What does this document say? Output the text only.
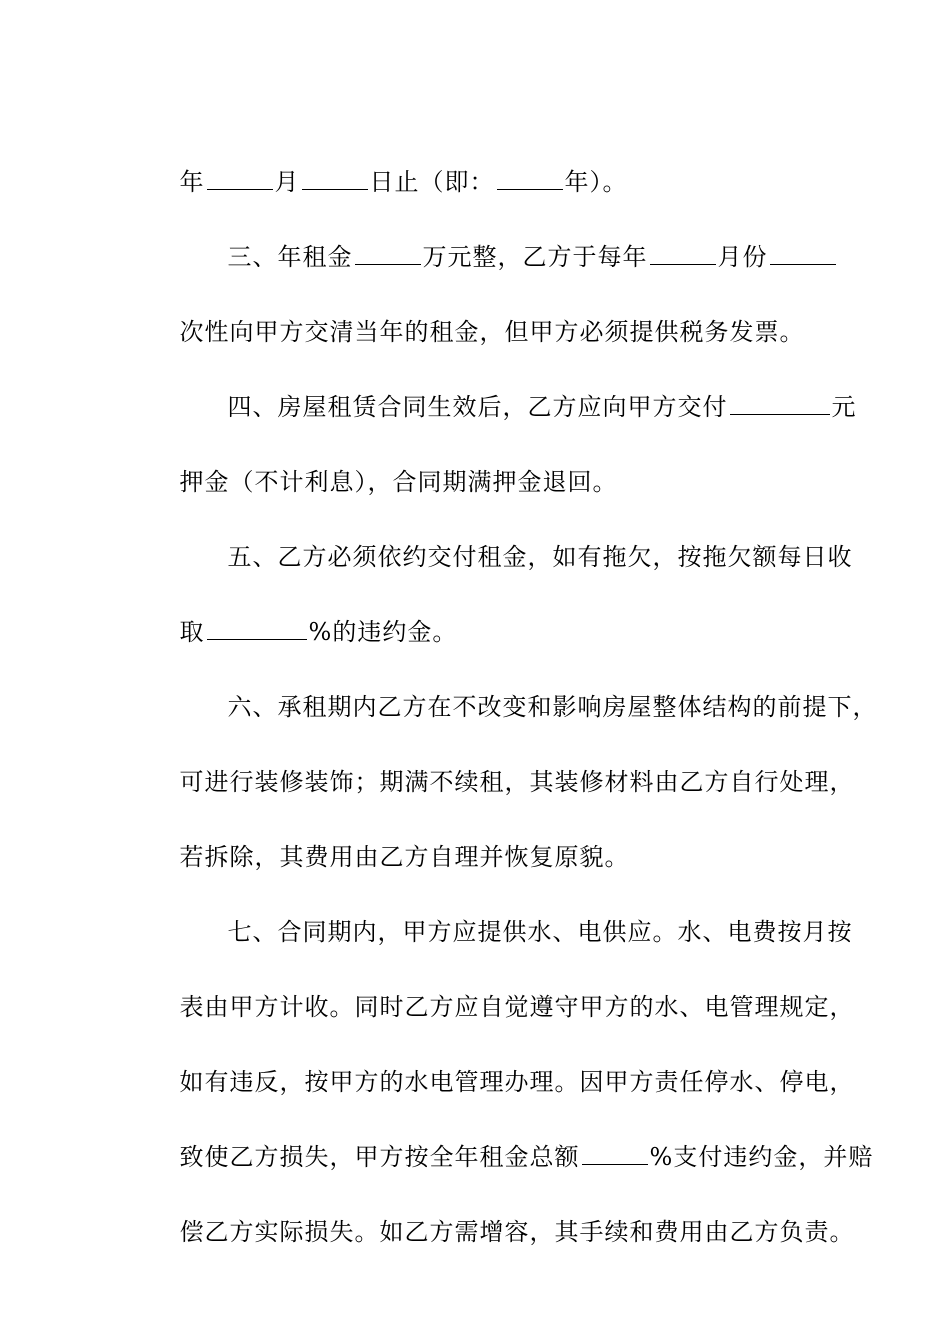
年	月	日止（即：	年）。

三、年租金	万元整，乙方于每年	月份

次性向甲方交清当年的租金，但甲方必须提供税务发票。

四、房屋租赁合同生效后，乙方应向甲方交付	元

押金（不计利息），合同期满押金退回。

五、乙方必须依约交付租金，如有拖欠，按拖欠额每日收

取	%的违约金。

六、承租期内乙方在不改变和影响房屋整体结构的前提下，

可进行装修装饰；期满不续租，其装修材料由乙方自行处理，

若拆除，其费用由乙方自理并恢复原貌。

七、合同期内，甲方应提供水、电供应。水、电费按月按

表由甲方计收。同时乙方应自觉遵守甲方的水、电管理规定，

如有违反，按甲方的水电管理办理。因甲方责任停水、停电，

致使乙方损失，甲方按全年租金总额	%支付违约金，并赔

偿乙方实际损失。如乙方需增容，其手续和费用由乙方负责。
